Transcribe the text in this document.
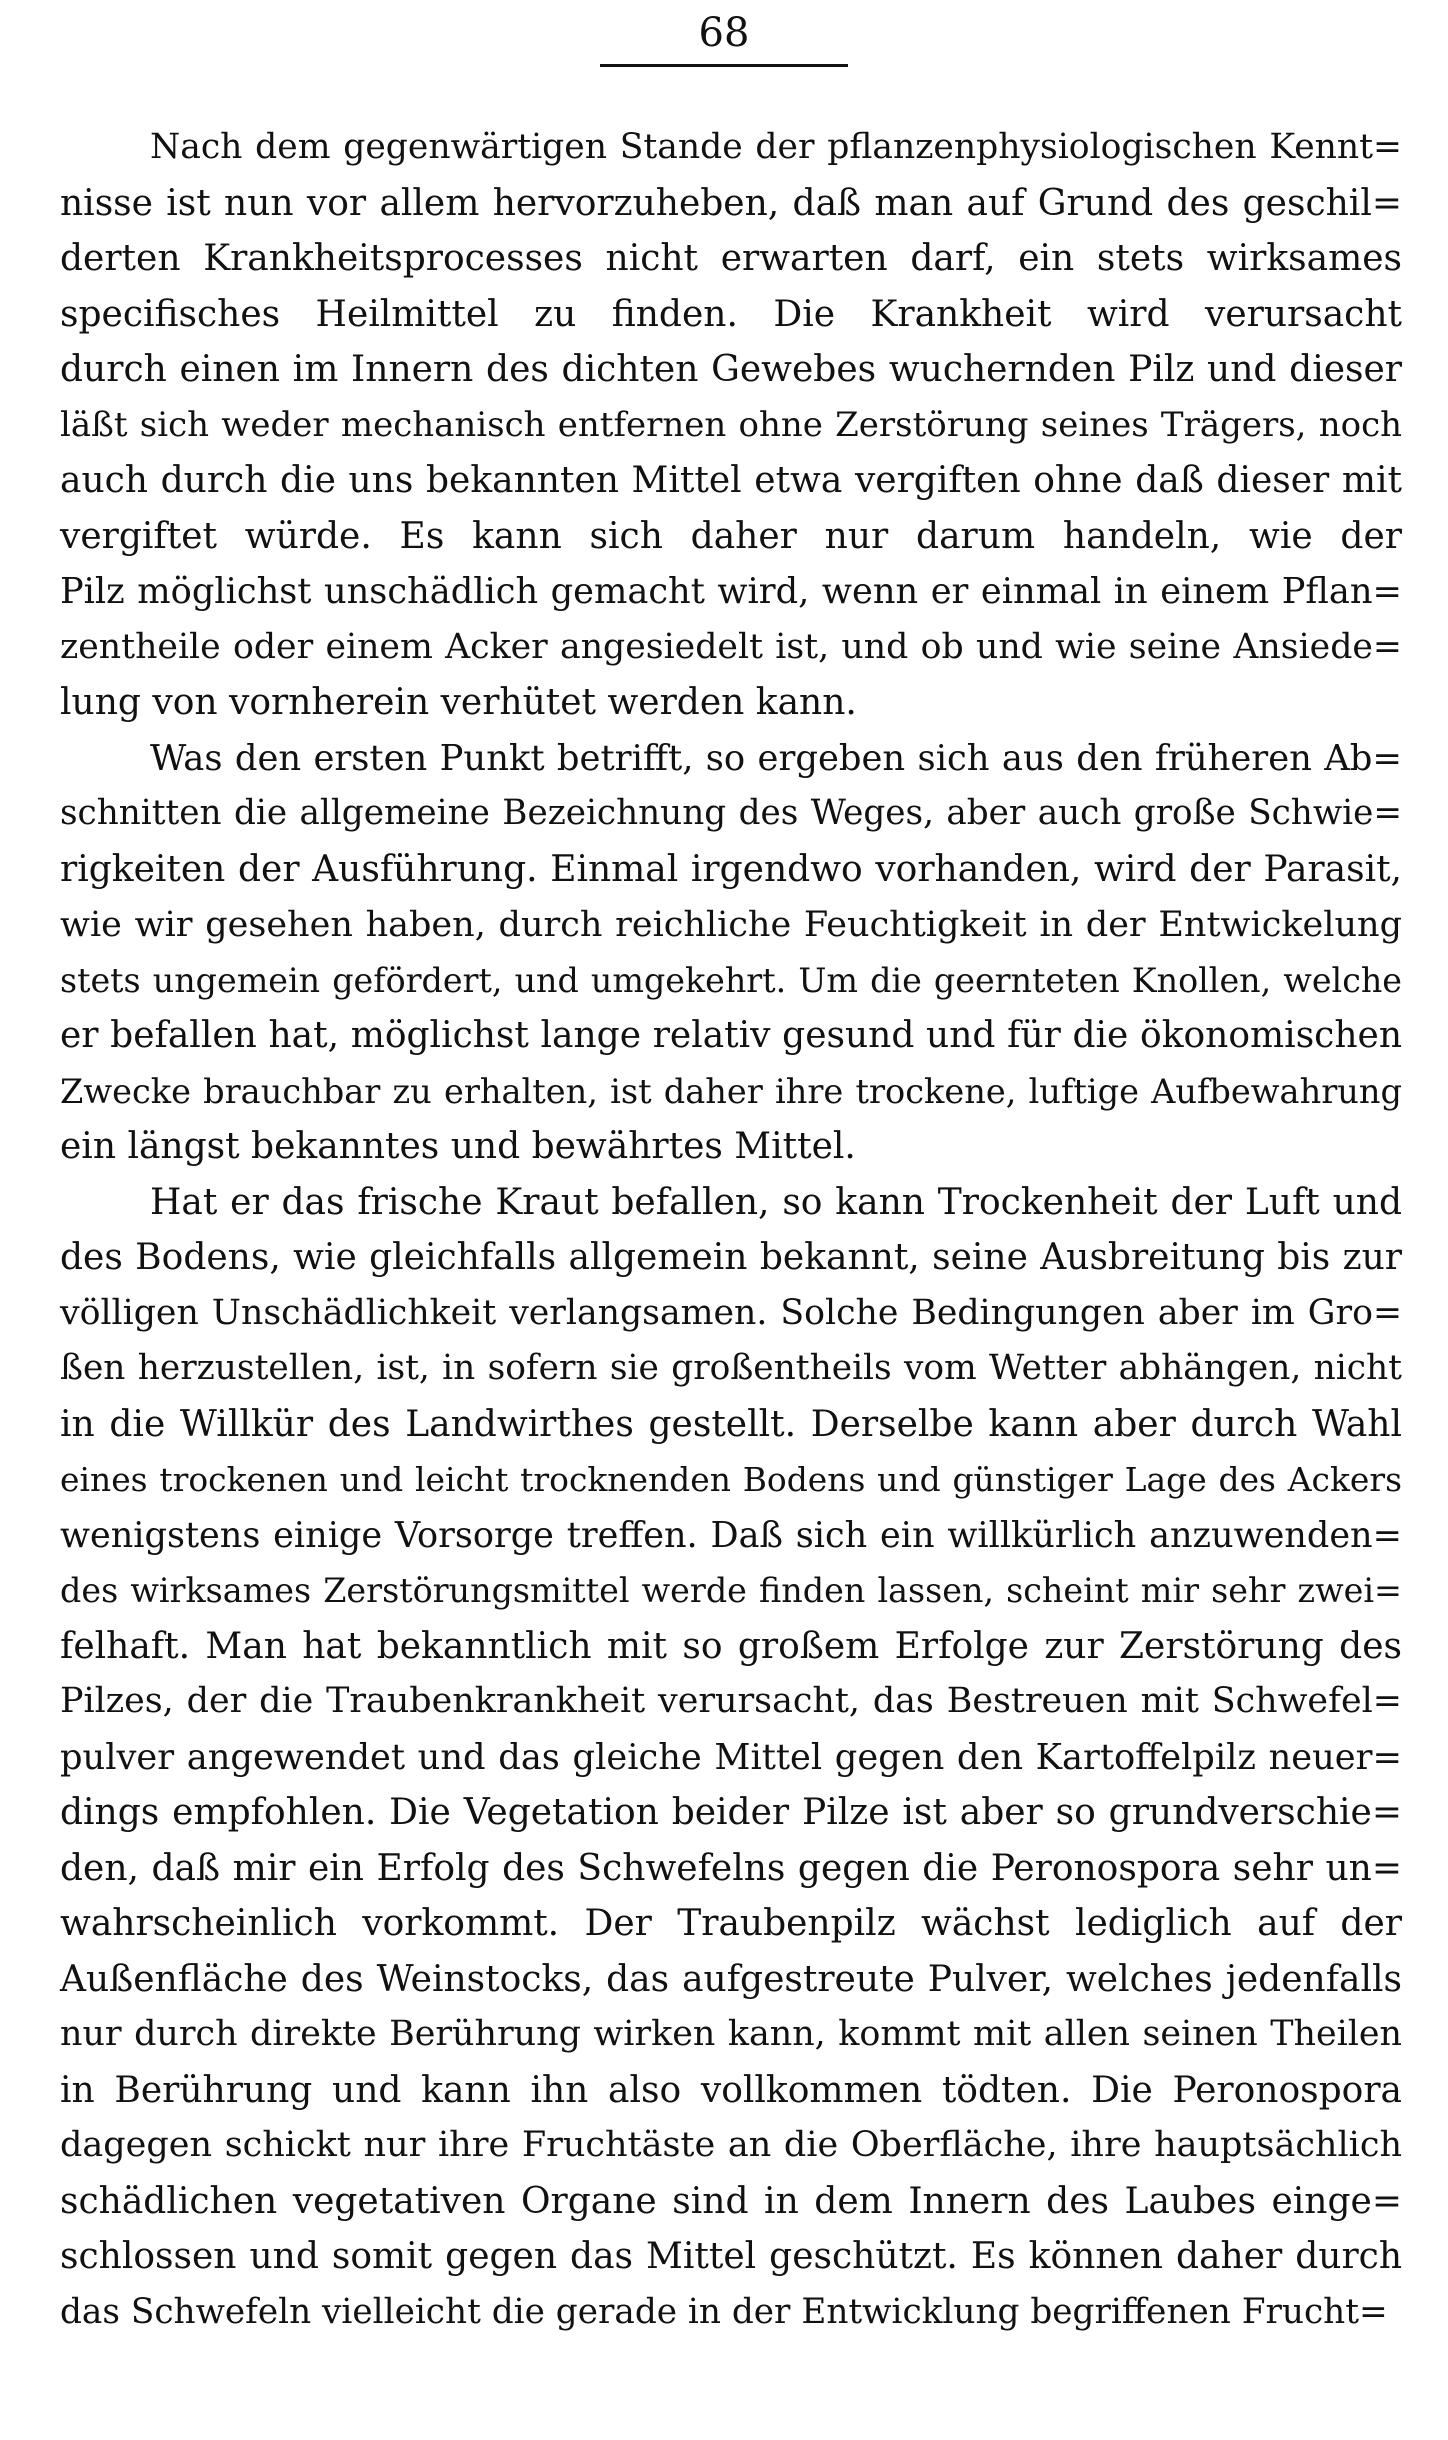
68
Nach dem gegenwärtigen Stande der pflanzenphysiologischen Kennt=
nisse ist nun vor allem hervorzuheben, daß man auf Grund des geschil=
derten Krankheitsprocesses nicht erwarten darf, ein stets wirksames
specifisches Heilmittel zu finden. Die Krankheit wird verursacht
durch einen im Innern des dichten Gewebes wuchernden Pilz und dieser
läßt sich weder mechanisch entfernen ohne Zerstörung seines Trägers, noch
auch durch die uns bekannten Mittel etwa vergiften ohne daß dieser mit
vergiftet würde. Es kann sich daher nur darum handeln, wie der
Pilz möglichst unschädlich gemacht wird, wenn er einmal in einem Pflan=
zentheile oder einem Acker angesiedelt ist, und ob und wie seine Ansiede=
lung von vornherein verhütet werden kann.
Was den ersten Punkt betrifft, so ergeben sich aus den früheren Ab=
schnitten die allgemeine Bezeichnung des Weges, aber auch große Schwie=
rigkeiten der Ausführung. Einmal irgendwo vorhanden, wird der Parasit,
wie wir gesehen haben, durch reichliche Feuchtigkeit in der Entwickelung
stets ungemein gefördert, und umgekehrt. Um die geernteten Knollen, welche
er befallen hat, möglichst lange relativ gesund und für die ökonomischen
Zwecke brauchbar zu erhalten, ist daher ihre trockene, luftige Aufbewahrung
ein längst bekanntes und bewährtes Mittel.
Hat er das frische Kraut befallen, so kann Trockenheit der Luft und
des Bodens, wie gleichfalls allgemein bekannt, seine Ausbreitung bis zur
völligen Unschädlichkeit verlangsamen. Solche Bedingungen aber im Gro=
ßen herzustellen, ist, in sofern sie großentheils vom Wetter abhängen, nicht
in die Willkür des Landwirthes gestellt. Derselbe kann aber durch Wahl
eines trockenen und leicht trocknenden Bodens und günstiger Lage des Ackers
wenigstens einige Vorsorge treffen. Daß sich ein willkürlich anzuwenden=
des wirksames Zerstörungsmittel werde finden lassen, scheint mir sehr zwei=
felhaft. Man hat bekanntlich mit so großem Erfolge zur Zerstörung des
Pilzes, der die Traubenkrankheit verursacht, das Bestreuen mit Schwefel=
pulver angewendet und das gleiche Mittel gegen den Kartoffelpilz neuer=
dings empfohlen. Die Vegetation beider Pilze ist aber so grundverschie=
den, daß mir ein Erfolg des Schwefelns gegen die Peronospora sehr un=
wahrscheinlich vorkommt. Der Traubenpilz wächst lediglich auf der
Außenfläche des Weinstocks, das aufgestreute Pulver, welches jedenfalls
nur durch direkte Berührung wirken kann, kommt mit allen seinen Theilen
in Berührung und kann ihn also vollkommen tödten. Die Peronospora
dagegen schickt nur ihre Fruchtäste an die Oberfläche, ihre hauptsächlich
schädlichen vegetativen Organe sind in dem Innern des Laubes einge=
schlossen und somit gegen das Mittel geschützt. Es können daher durch
das Schwefeln vielleicht die gerade in der Entwicklung begriffenen Frucht=
